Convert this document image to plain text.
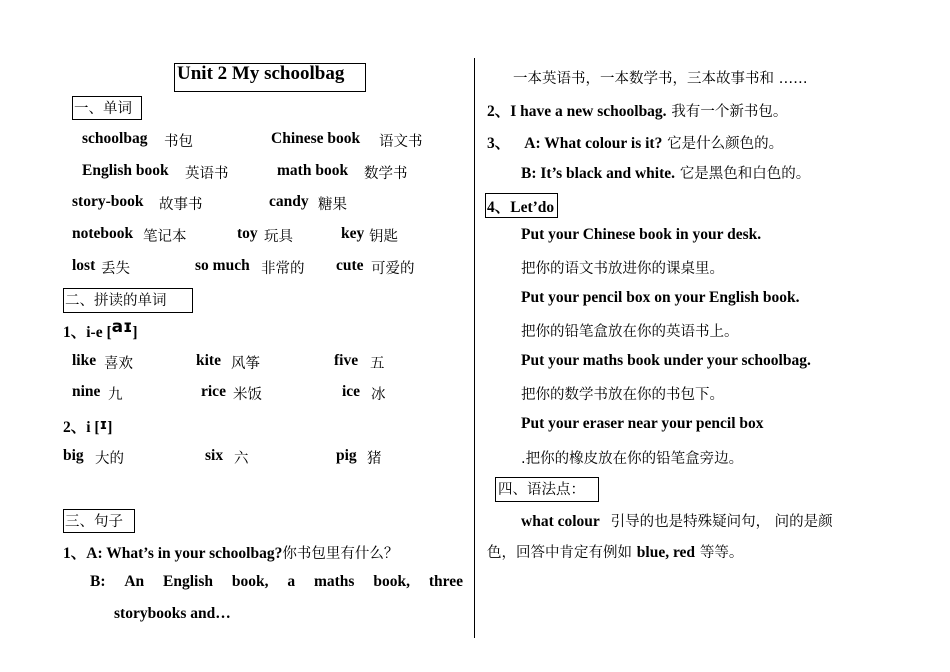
Unit 2 My schoolbag
一、单词
schoolbag 书包	Chinese book 语文书
English book 英语书	math book 数学书
story-book 故事书	candy 糖果
notebook 笔记本	toy 玩具	key 钥匙
lost 丢失	so much 非常的 cute 可爱的
二、拼读的单词
1、i-e [aɪ]
like 喜欢	kite 风筝	five 五
nine 九	rice 米饭	ice 冰
2、i [ɪ]
big 大的	six 六	pig 猪
三、句子
1、A: What’s in your schoolbag?你书包里有什么？
B: An English book, a maths book, three
storybooks and…
一本英语书，一本数学书，三本故事书和 ……
2、I have a new schoolbag. 我有一个新书包。
3、 A: What colour is it? 它是什么颜色的。
B: It’s black and white. 它是黑色和白色的。
4、Let’do
Put your Chinese book in your desk.
把你的语文书放进你的课桌里。
Put your pencil box on your English book.
把你的铅笔盒放在你的英语书上。
Put your maths book under your schoolbag.
把你的数学书放在你的书包下。
Put your eraser near your pencil box
.把你的橡皮放在你的铅笔盒旁边。
四、语法点：
what colour 引导的也是特殊疑问句， 问的是颜
色，回答中肯定有例如 blue, red 等等。
